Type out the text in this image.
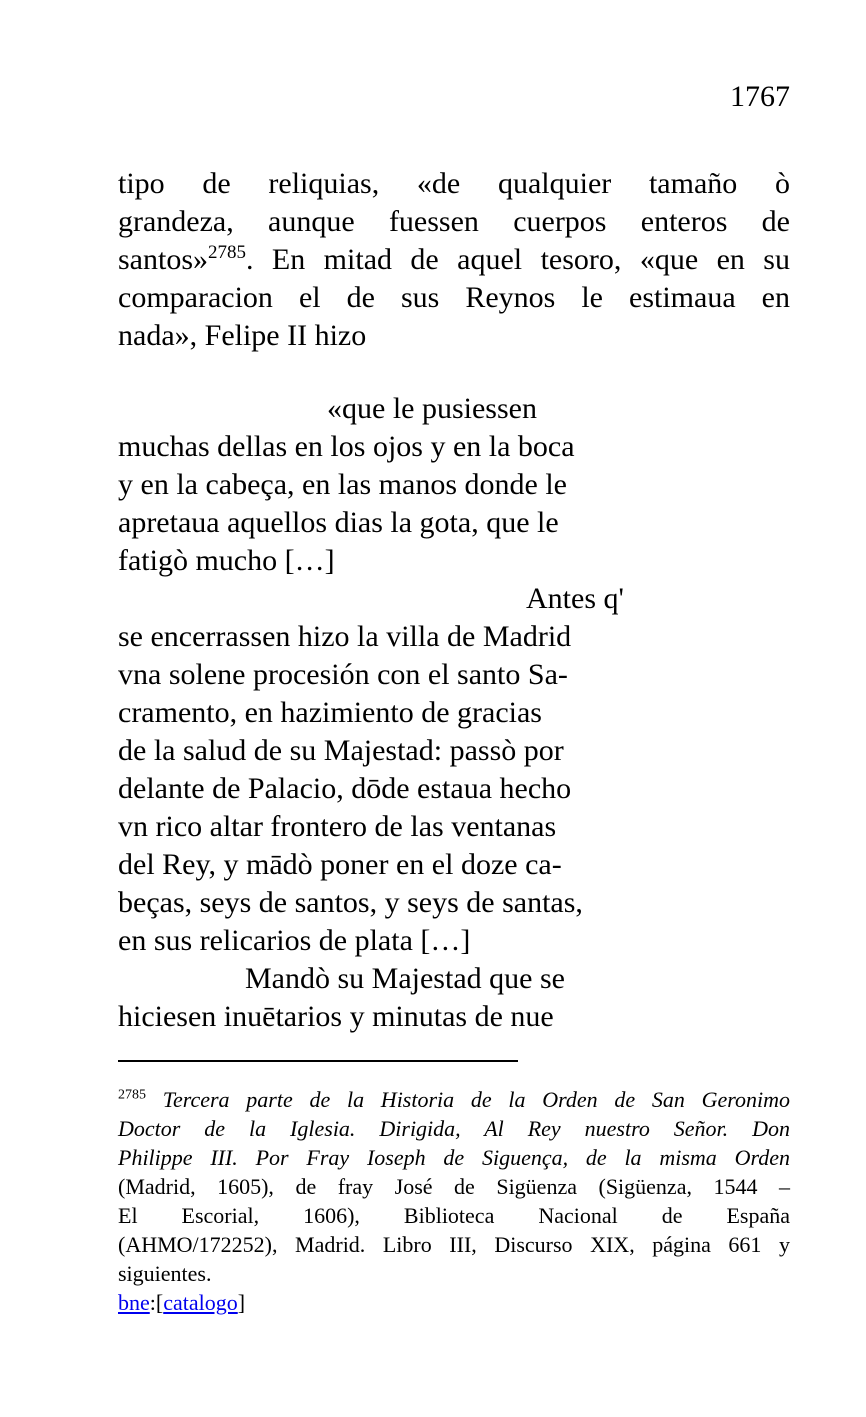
1767
tipo de reliquias, «de qualquier tamaño ò
grandeza, aunque fuessen cuerpos enteros de
santos»$^{2785}$. En mitad de aquel tesoro, «que en su
comparacion el de sus Reynos le estimaua en
nada», Felipe II hizo
«que le pusiessen
muchas dellas en los ojos y en la boca
y en la cabeça, en las manos donde le
apretaua aquellos dias la gota, que le
fatigò mucho […]
Antes q'
se encerrassen hizo la villa de Madrid
vna solene procesión con el santo Sa-
cramento, en hazimiento de gracias
de la salud de su Majestad: passò por
delante de Palacio, dōde estaua hecho
vn rico altar frontero de las ventanas
del Rey, y mādò poner en el doze ca-
beças, seys de santos, y seys de santas,
en sus relicarios de plata […]
Mandò su Majestad que se
hiciesen inuētarios y minutas de nue
$^{2785}$ Tercera parte de la Historia de la Orden de San Geronimo
Doctor de la Iglesia. Dirigida, Al Rey nuestro Señor. Don
Philippe III. Por Fray Ioseph de Siguença, de la misma Orden
(Madrid, 1605), de fray José de Sigüenza (Sigüenza, 1544 –
El Escorial, 1606), Biblioteca Nacional de España
(AHMO/172252), Madrid. Libro III, Discurso XIX, página 661 y
siguientes.
bne:[catalogo]
